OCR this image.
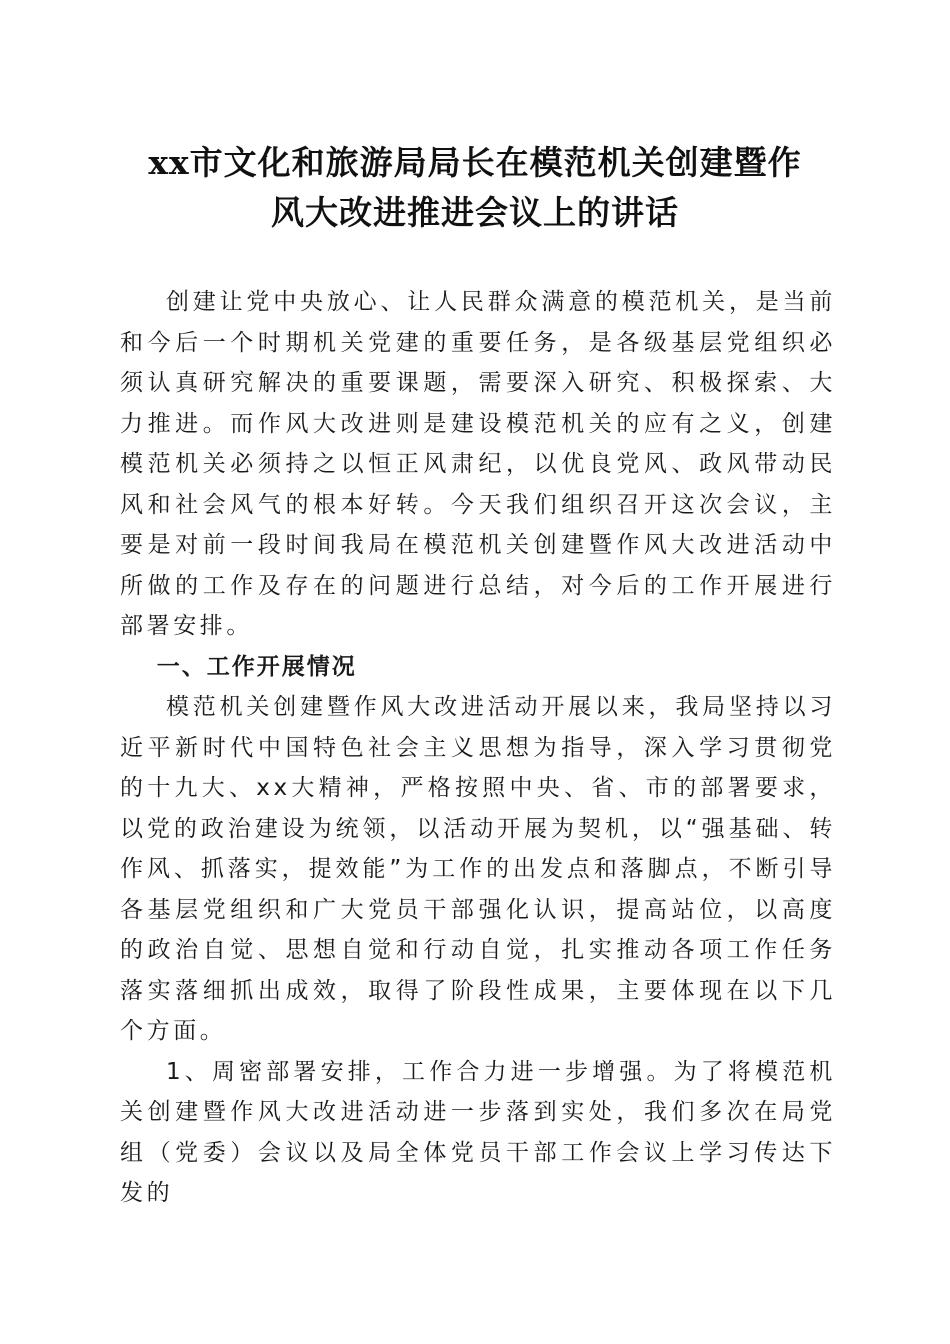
xx市文化和旅游局局长在模范机关创建暨作
风大改进推进会议上的讲话

创建让党中央放心、让人民群众满意的模范机关，是当前和今后一个时期机关党建的重要任务，是各级基层党组织必须认真研究解决的重要课题，需要深入研究、积极探索、大力推进。而作风大改进则是建设模范机关的应有之义，创建模范机关必须持之以恒正风肃纪，以优良党风、政风带动民风和社会风气的根本好转。今天我们组织召开这次会议，主要是对前一段时间我局在模范机关创建暨作风大改进活动中所做的工作及存在的问题进行总结，对今后的工作开展进行部署安排。

一、工作开展情况

模范机关创建暨作风大改进活动开展以来，我局坚持以习近平新时代中国特色社会主义思想为指导，深入学习贯彻党的十九大、xx大精神，严格按照中央、省、市的部署要求，以党的政治建设为统领，以活动开展为契机，以“强基础、转作风、抓落实，提效能”为工作的出发点和落脚点，不断引导各基层党组织和广大党员干部强化认识，提高站位，以高度的政治自觉、思想自觉和行动自觉，扎实推动各项工作任务落实落细抓出成效，取得了阶段性成果，主要体现在以下几个方面。

1、周密部署安排，工作合力进一步增强。为了将模范机关创建暨作风大改进活动进一步落到实处，我们多次在局党组（党委）会议以及局全体党员干部工作会议上学习传达下发的
